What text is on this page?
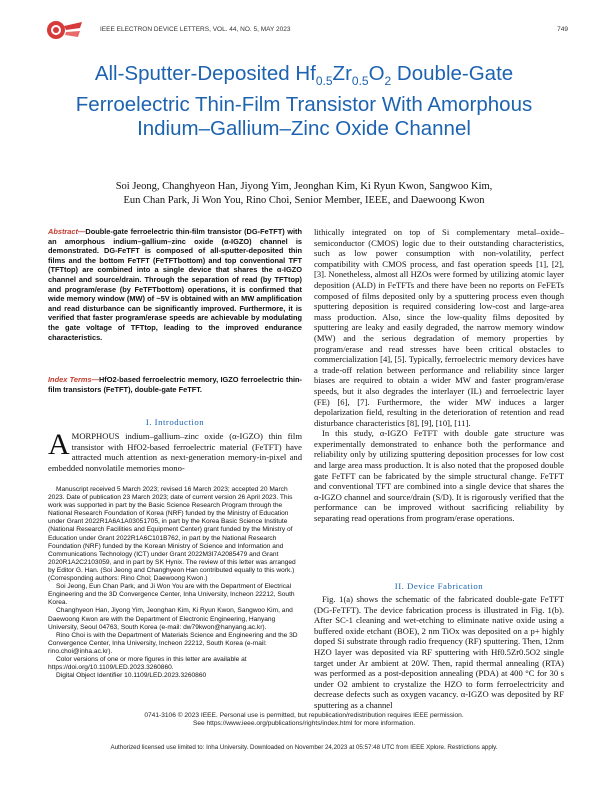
IEEE ELECTRON DEVICE LETTERS, VOL. 44, NO. 5, MAY 2023	749
All-Sputter-Deposited $Hf_{0.5}Zr_{0.5}O_2$ Double-Gate Ferroelectric Thin-Film Transistor With Amorphous Indium–Gallium–Zinc Oxide Channel
Soi Jeong, Changhyeon Han, Jiyong Yim, Jeonghan Kim, Ki Ryun Kwon, Sangwoo Kim,
Eun Chan Park, Ji Won You, Rino Choi, Senior Member, IEEE, and Daewoong Kwon
Abstract—Double-gate ferroelectric thin-film transistor (DG-FeTFT) with an amorphous indium–gallium–zinc oxide (α-IGZO) channel is demonstrated. DG-FeTFT is composed of all-sputter-deposited thin films and the bottom FeTFT (FeTFTbottom) and top conventional TFT (TFTtop) are combined into a single device that shares the α-IGZO channel and source/drain. Through the separation of read (by TFTtop) and program/erase (by FeTFTbottom) operations, it is confirmed that wide memory window (MW) of ~5V is obtained with an MW amplification and read disturbance can be significantly improved. Furthermore, it is verified that faster program/erase speeds are achievable by modulating the gate voltage of TFTtop, leading to the improved endurance characteristics.
Index Terms—HfO2-based ferroelectric memory, IGZO ferroelectric thin-film transistors (FeTFT), double-gate FeTFT.
I. Introduction
AMORPHOUS indium–gallium–zinc oxide (α-IGZO) thin film transistor with HfO2-based ferroelectric material (FeTFT) have attracted much attention as next-generation memory-in-pixel and embedded nonvolatile memories mono-

Manuscript received 5 March 2023; revised 16 March 2023; accepted 20 March 2023. Date of publication 23 March 2023; date of current version 26 April 2023. This work was supported in part by the Basic Science Research Program through the National Research Foundation of Korea (NRF) funded by the Ministry of Education under Grant 2022R1A6A1A03051705, in part by the Korea Basic Science Institute (National Research Facilities and Equipment Center) grant funded by the Ministry of Education under Grant 2022R1A6C101B762, in part by the National Research Foundation (NRF) funded by the Korean Ministry of Science and Information and Communications Technology (ICT) under Grant 2022M3I7A2085479 and Grant 2020R1A2C2103059, and in part by SK Hynix. The review of this letter was arranged by Editor G. Han. (Soi Jeong and Changhyeon Han contributed equally to this work.)(Corresponding authors: Rino Choi; Daewoong Kwon.)

Soi Jeong, Eun Chan Park, and Ji Won You are with the Department of Electrical Engineering and the 3D Convergence Center, Inha University, Incheon 22212, South Korea.

Changhyeon Han, Jiyong Yim, Jeonghan Kim, Ki Ryun Kwon, Sangwoo Kim, and Daewoong Kwon are with the Department of Electronic Engineering, Hanyang University, Seoul 04763, South Korea (e-mail: dw79kwon@hanyang.ac.kr).

Rino Choi is with the Department of Materials Science and Engineering and the 3D Convergence Center, Inha University, Incheon 22212, South Korea (e-mail: rino.choi@inha.ac.kr).

Color versions of one or more figures in this letter are available at https://doi.org/10.1109/LED.2023.3260860.

Digital Object Identifier 10.1109/LED.2023.3260860

lithically integrated on top of Si complementary metal–oxide–semiconductor (CMOS) logic due to their outstanding characteristics, such as low power consumption with non-volatility, perfect compatibility with CMOS process, and fast operation speeds [1], [2], [3]. Nonetheless, almost all HZOs were formed by utilizing atomic layer deposition (ALD) in FeTFTs and there have been no reports on FeFETs composed of films deposited only by a sputtering process even though sputtering deposition is required considering low-cost and large-area mass production. Also, since the low-quality films deposited by sputtering are leaky and easily degraded, the narrow memory window (MW) and the serious degradation of memory properties by program/erase and read stresses have been critical obstacles to commercialization [4], [5]. Typically, ferroelectric memory devices have a trade-off relation between performance and reliability since larger biases are required to obtain a wider MW and faster program/erase speeds, but it also degrades the interlayer (IL) and ferroelectric layer (FE) [6], [7]. Furthermore, the wider MW induces a larger depolarization field, resulting in the deterioration of retention and read disturbance characteristics [8], [9], [10], [11].

In this study, α-IGZO FeTFT with double gate structure was experimentally demonstrated to enhance both the performance and reliability only by utilizing sputtering deposition processes for low cost and large area mass production. It is also noted that the proposed double gate FeTFT can be fabricated by the simple structural change. FeTFT and conventional TFT are combined into a single device that shares the α-IGZO channel and source/drain (S/D). It is rigorously verified that the performance can be improved without sacrificing reliability by separating read operations from program/erase operations.

II. Device Fabrication

Fig. 1(a) shows the schematic of the fabricated double-gate FeTFT (DG-FeTFT). The device fabrication process is illustrated in Fig. 1(b). After SC-1 cleaning and wet-etching to eliminate native oxide using a buffered oxide etchant (BOE), 2 nm TiOx was deposited on a p+ highly doped Si substrate through radio frequency (RF) sputtering. Then, 12nm HZO layer was deposited via RF sputtering with Hf0.5Zr0.5O2 single target under Ar ambient at 20W. Then, rapid thermal annealing (RTA) was performed as a post-deposition annealing (PDA) at 400 °C for 30 s under O2 ambient to crystalize the HZO to form ferroelectricity and decrease defects such as oxygen vacancy. α-IGZO was deposited by RF sputtering as a channel

0741-3106 © 2023 IEEE. Personal use is permitted, but republication/redistribution requires IEEE permission.
See https://www.ieee.org/publications/rights/index.html for more information.
Authorized licensed use limited to: Inha University. Downloaded on November 24,2023 at 05:57:48 UTC from IEEE Xplore. Restrictions apply.
